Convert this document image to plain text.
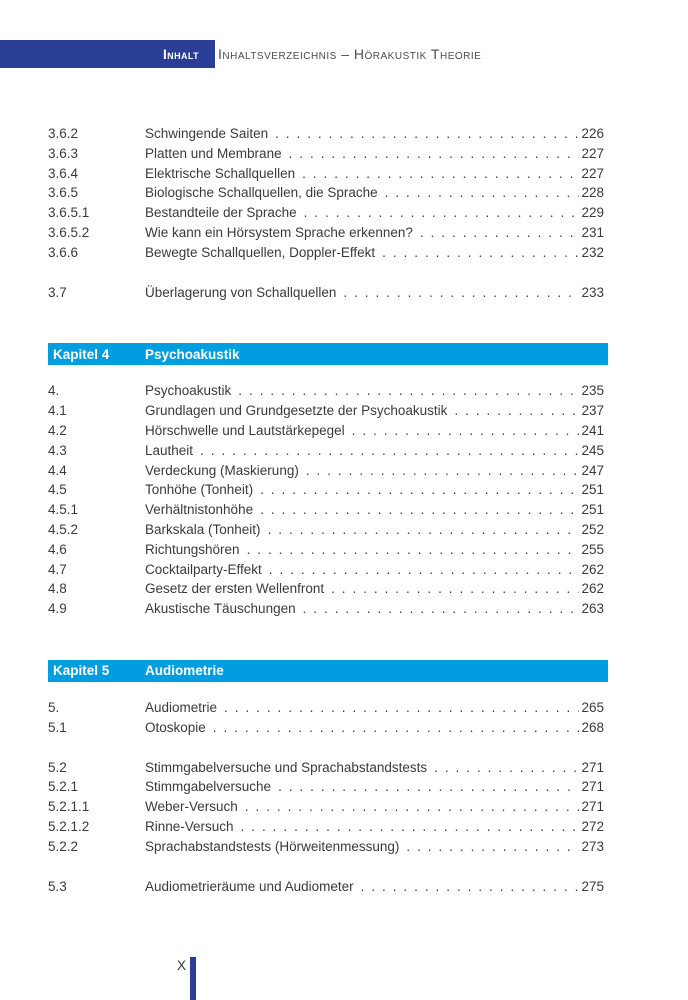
Inhalt Inhaltsverzeichnis – Hörakustik Theorie
3.6.2	Schwingende Saiten . . .	226
3.6.3	Platten und Membrane . . .	227
3.6.4	Elektrische Schallquellen . . .	227
3.6.5	Biologische Schallquellen, die Sprache . . .	228
3.6.5.1	Bestandteile der Sprache . . .	229
3.6.5.2	Wie kann ein Hörsystem Sprache erkennen? . . .	231
3.6.6	Bewegte Schallquellen, Doppler-Effekt . . .	232
3.7	Überlagerung von Schallquellen . . .	233
Kapitel 4	Psychoakustik
4.	Psychoakustik . . .	235
4.1	Grundlagen und Grundgesetzte der Psychoakustik . . .	237
4.2	Hörschwelle und Lautstärkepegel . . .	241
4.3	Lautheit . . .	245
4.4	Verdeckung (Maskierung) . . .	247
4.5	Tonhöhe (Tonheit) . . .	251
4.5.1	Verhältnistonhöhe . . .	251
4.5.2	Barkskala (Tonheit) . . .	252
4.6	Richtungshören . . .	255
4.7	Cocktailparty-Effekt . . .	262
4.8	Gesetz der ersten Wellenfront . . .	262
4.9	Akustische Täuschungen . . .	263
Kapitel 5	Audiometrie
5.	Audiometrie . . .	265
5.1	Otoskopie . . .	268
5.2	Stimmgabelversuche und Sprachabstandstests . . .	271
5.2.1	Stimmgabelversuche . . .	271
5.2.1.1	Weber-Versuch . . .	271
5.2.1.2	Rinne-Versuch . . .	272
5.2.2	Sprachabstandstests (Hörweitenmessung) . . .	273
5.3	Audiometrieräume und Audiometer . . .	275
X
